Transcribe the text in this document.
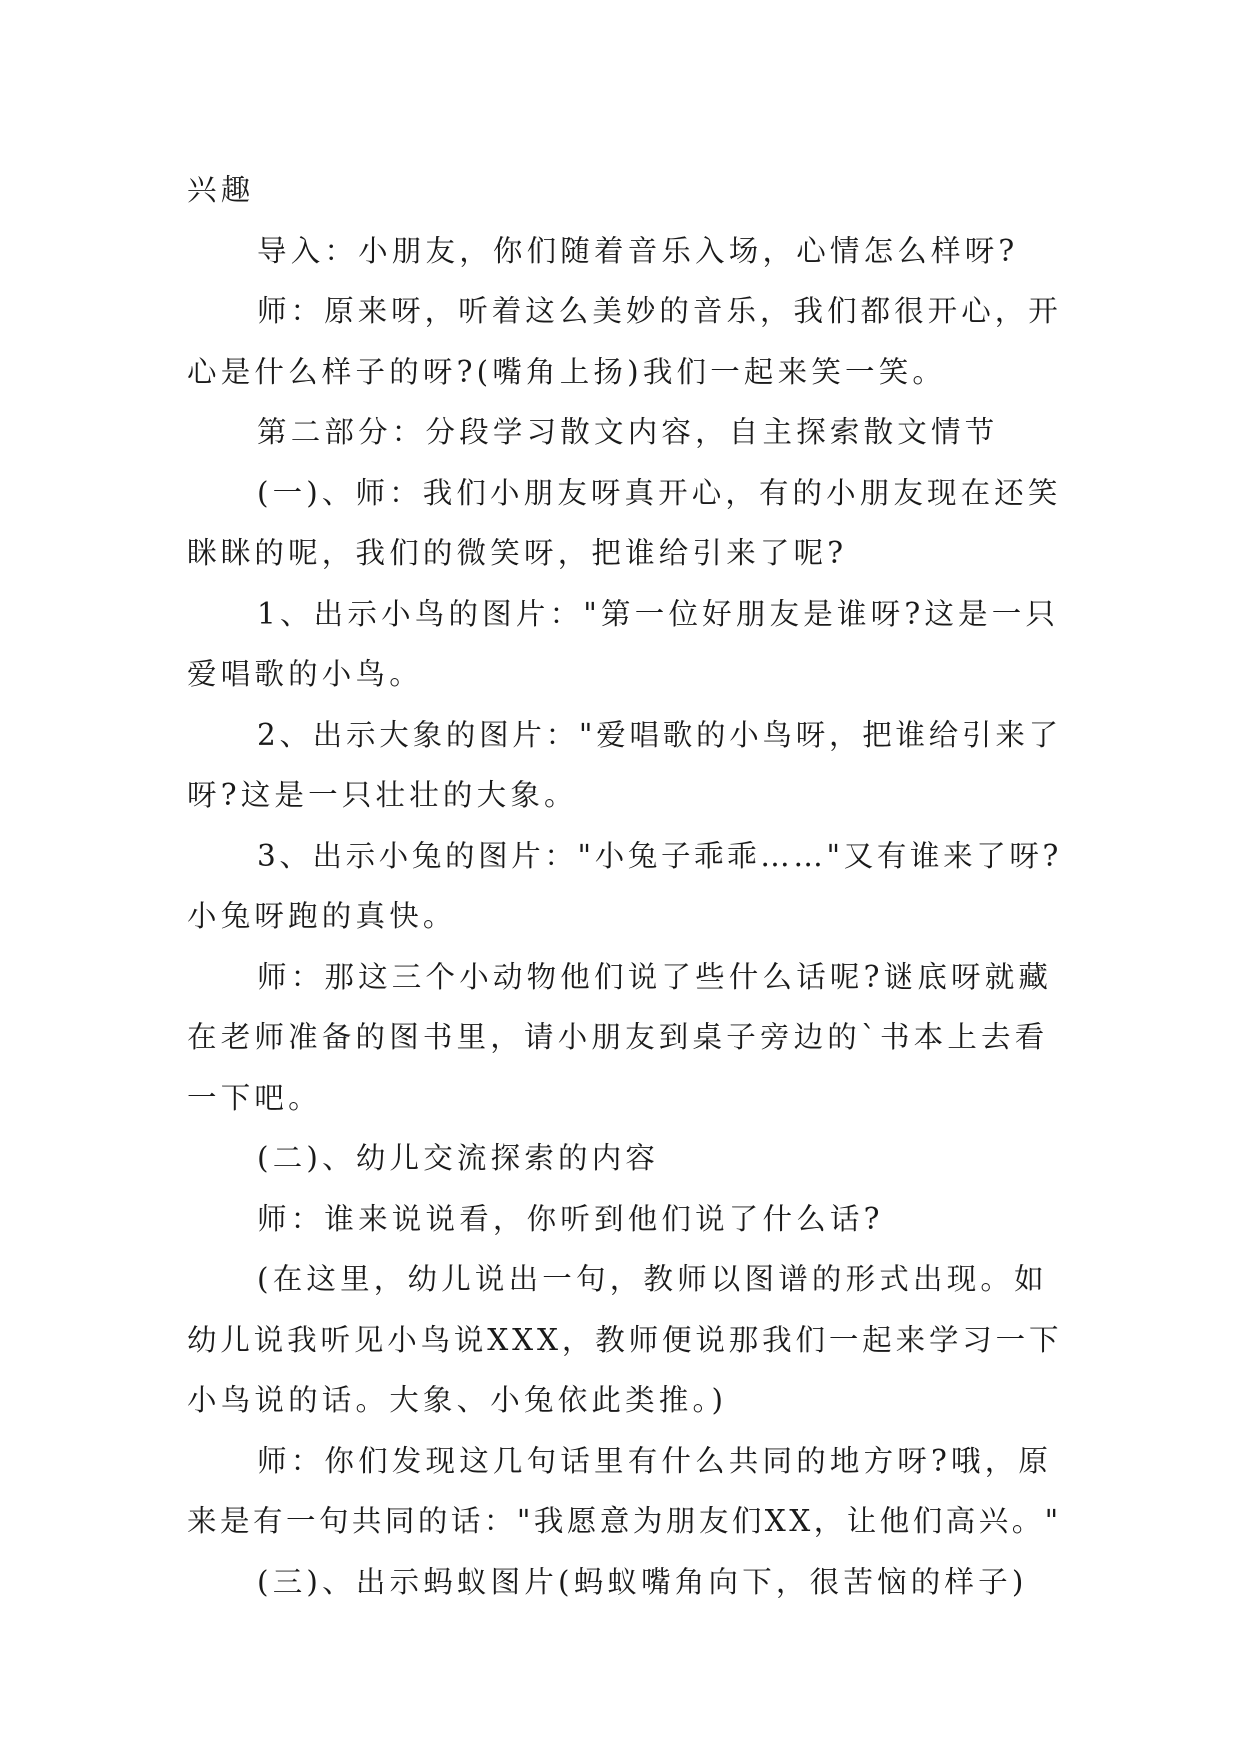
兴趣

导入：小朋友，你们随着音乐入场，心情怎么样呀?

师：原来呀，听着这么美妙的音乐，我们都很开心，开

心是什么样子的呀?(嘴角上扬)我们一起来笑一笑。

第二部分：分段学习散文内容，自主探索散文情节

(一)、师：我们小朋友呀真开心，有的小朋友现在还笑

眯眯的呢，我们的微笑呀，把谁给引来了呢?

1、出示小鸟的图片："第一位好朋友是谁呀?这是一只

爱唱歌的小鸟。

2、出示大象的图片："爱唱歌的小鸟呀，把谁给引来了

呀?这是一只壮壮的大象。

3、出示小兔的图片："小兔子乖乖……"又有谁来了呀?

小兔呀跑的真快。

师：那这三个小动物他们说了些什么话呢?谜底呀就藏

在老师准备的图书里，请小朋友到桌子旁边的`书本上去看

一下吧。

(二)、幼儿交流探索的内容

师：谁来说说看，你听到他们说了什么话?

(在这里，幼儿说出一句，教师以图谱的形式出现。如

幼儿说我听见小鸟说XXX，教师便说那我们一起来学习一下

小鸟说的话。大象、小兔依此类推。)

师：你们发现这几句话里有什么共同的地方呀?哦，原

来是有一句共同的话："我愿意为朋友们XX，让他们高兴。"

(三)、出示蚂蚁图片(蚂蚁嘴角向下，很苦恼的样子)
